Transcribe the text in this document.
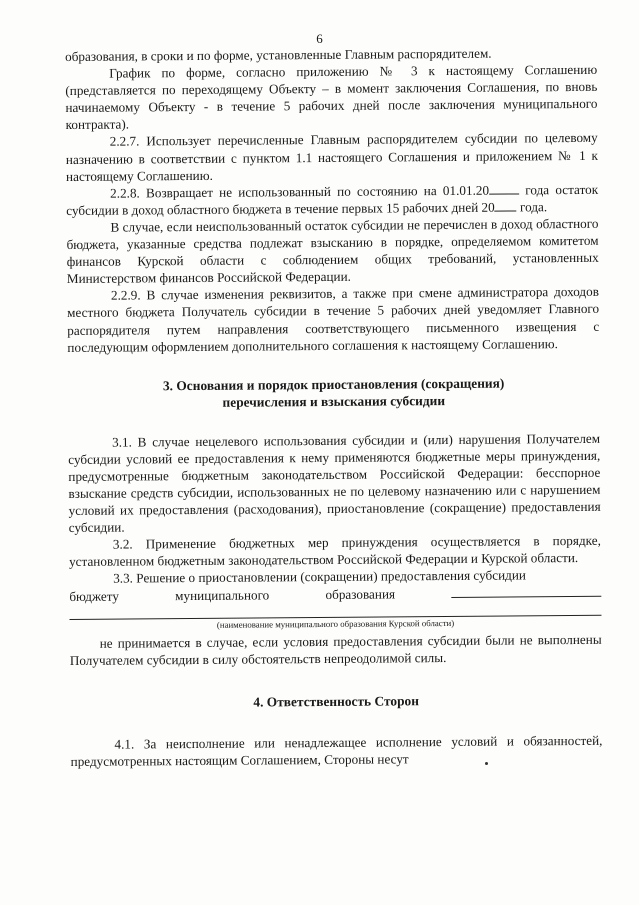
6

образования, в сроки и по форме, установленные Главным распорядителем.

График по форме, согласно приложению № 3 к настоящему Соглашению (представляется по переходящему Объекту – в момент заключения Соглашения, по вновь начинаемому Объекту - в течение 5 рабочих дней после заключения муниципального контракта).

2.2.7. Использует перечисленные Главным распорядителем субсидии по целевому назначению в соответствии с пунктом 1.1 настоящего Соглашения и приложением № 1 к настоящему Соглашению.

2.2.8. Возвращает не использованный по состоянию на 01.01.20 года остаток субсидии в доход областного бюджета в течение первых 15 рабочих дней 20 года.

В случае, если неиспользованный остаток субсидии не перечислен в доход областного бюджета, указанные средства подлежат взысканию в порядке, определяемом комитетом финансов Курской области с соблюдением общих требований, установленных Министерством финансов Российской Федерации.

2.2.9. В случае изменения реквизитов, а также при смене администратора доходов местного бюджета Получатель субсидии в течение 5 рабочих дней уведомляет Главного распорядителя путем направления соответствующего письменного извещения с последующим оформлением дополнительного соглашения к настоящему Соглашению.

3. Основания и порядок приостановления (сокращения)
перечисления и взыскания субсидии

3.1. В случае нецелевого использования субсидии и (или) нарушения Получателем субсидии условий ее предоставления к нему применяются бюджетные меры принуждения, предусмотренные бюджетным законодательством Российской Федерации: бесспорное взыскание средств субсидии, использованных не по целевому назначению или с нарушением условий их предоставления (расходования), приостановление (сокращение) предоставления субсидии.

3.2. Применение бюджетных мер принуждения осуществляется в порядке, установленном бюджетным законодательством Российской Федерации и Курской области.

3.3. Решение о приостановлении (сокращении) предоставления субсидии

бюджету муниципального образования

(наименование муниципального образования Курской области)

не принимается в случае, если условия предоставления субсидии были не выполнены Получателем субсидии в силу обстоятельств непреодолимой силы.

4. Ответственность Сторон

4.1. За неисполнение или ненадлежащее исполнение условий и обязанностей, предусмотренных настоящим Соглашением, Стороны несут
